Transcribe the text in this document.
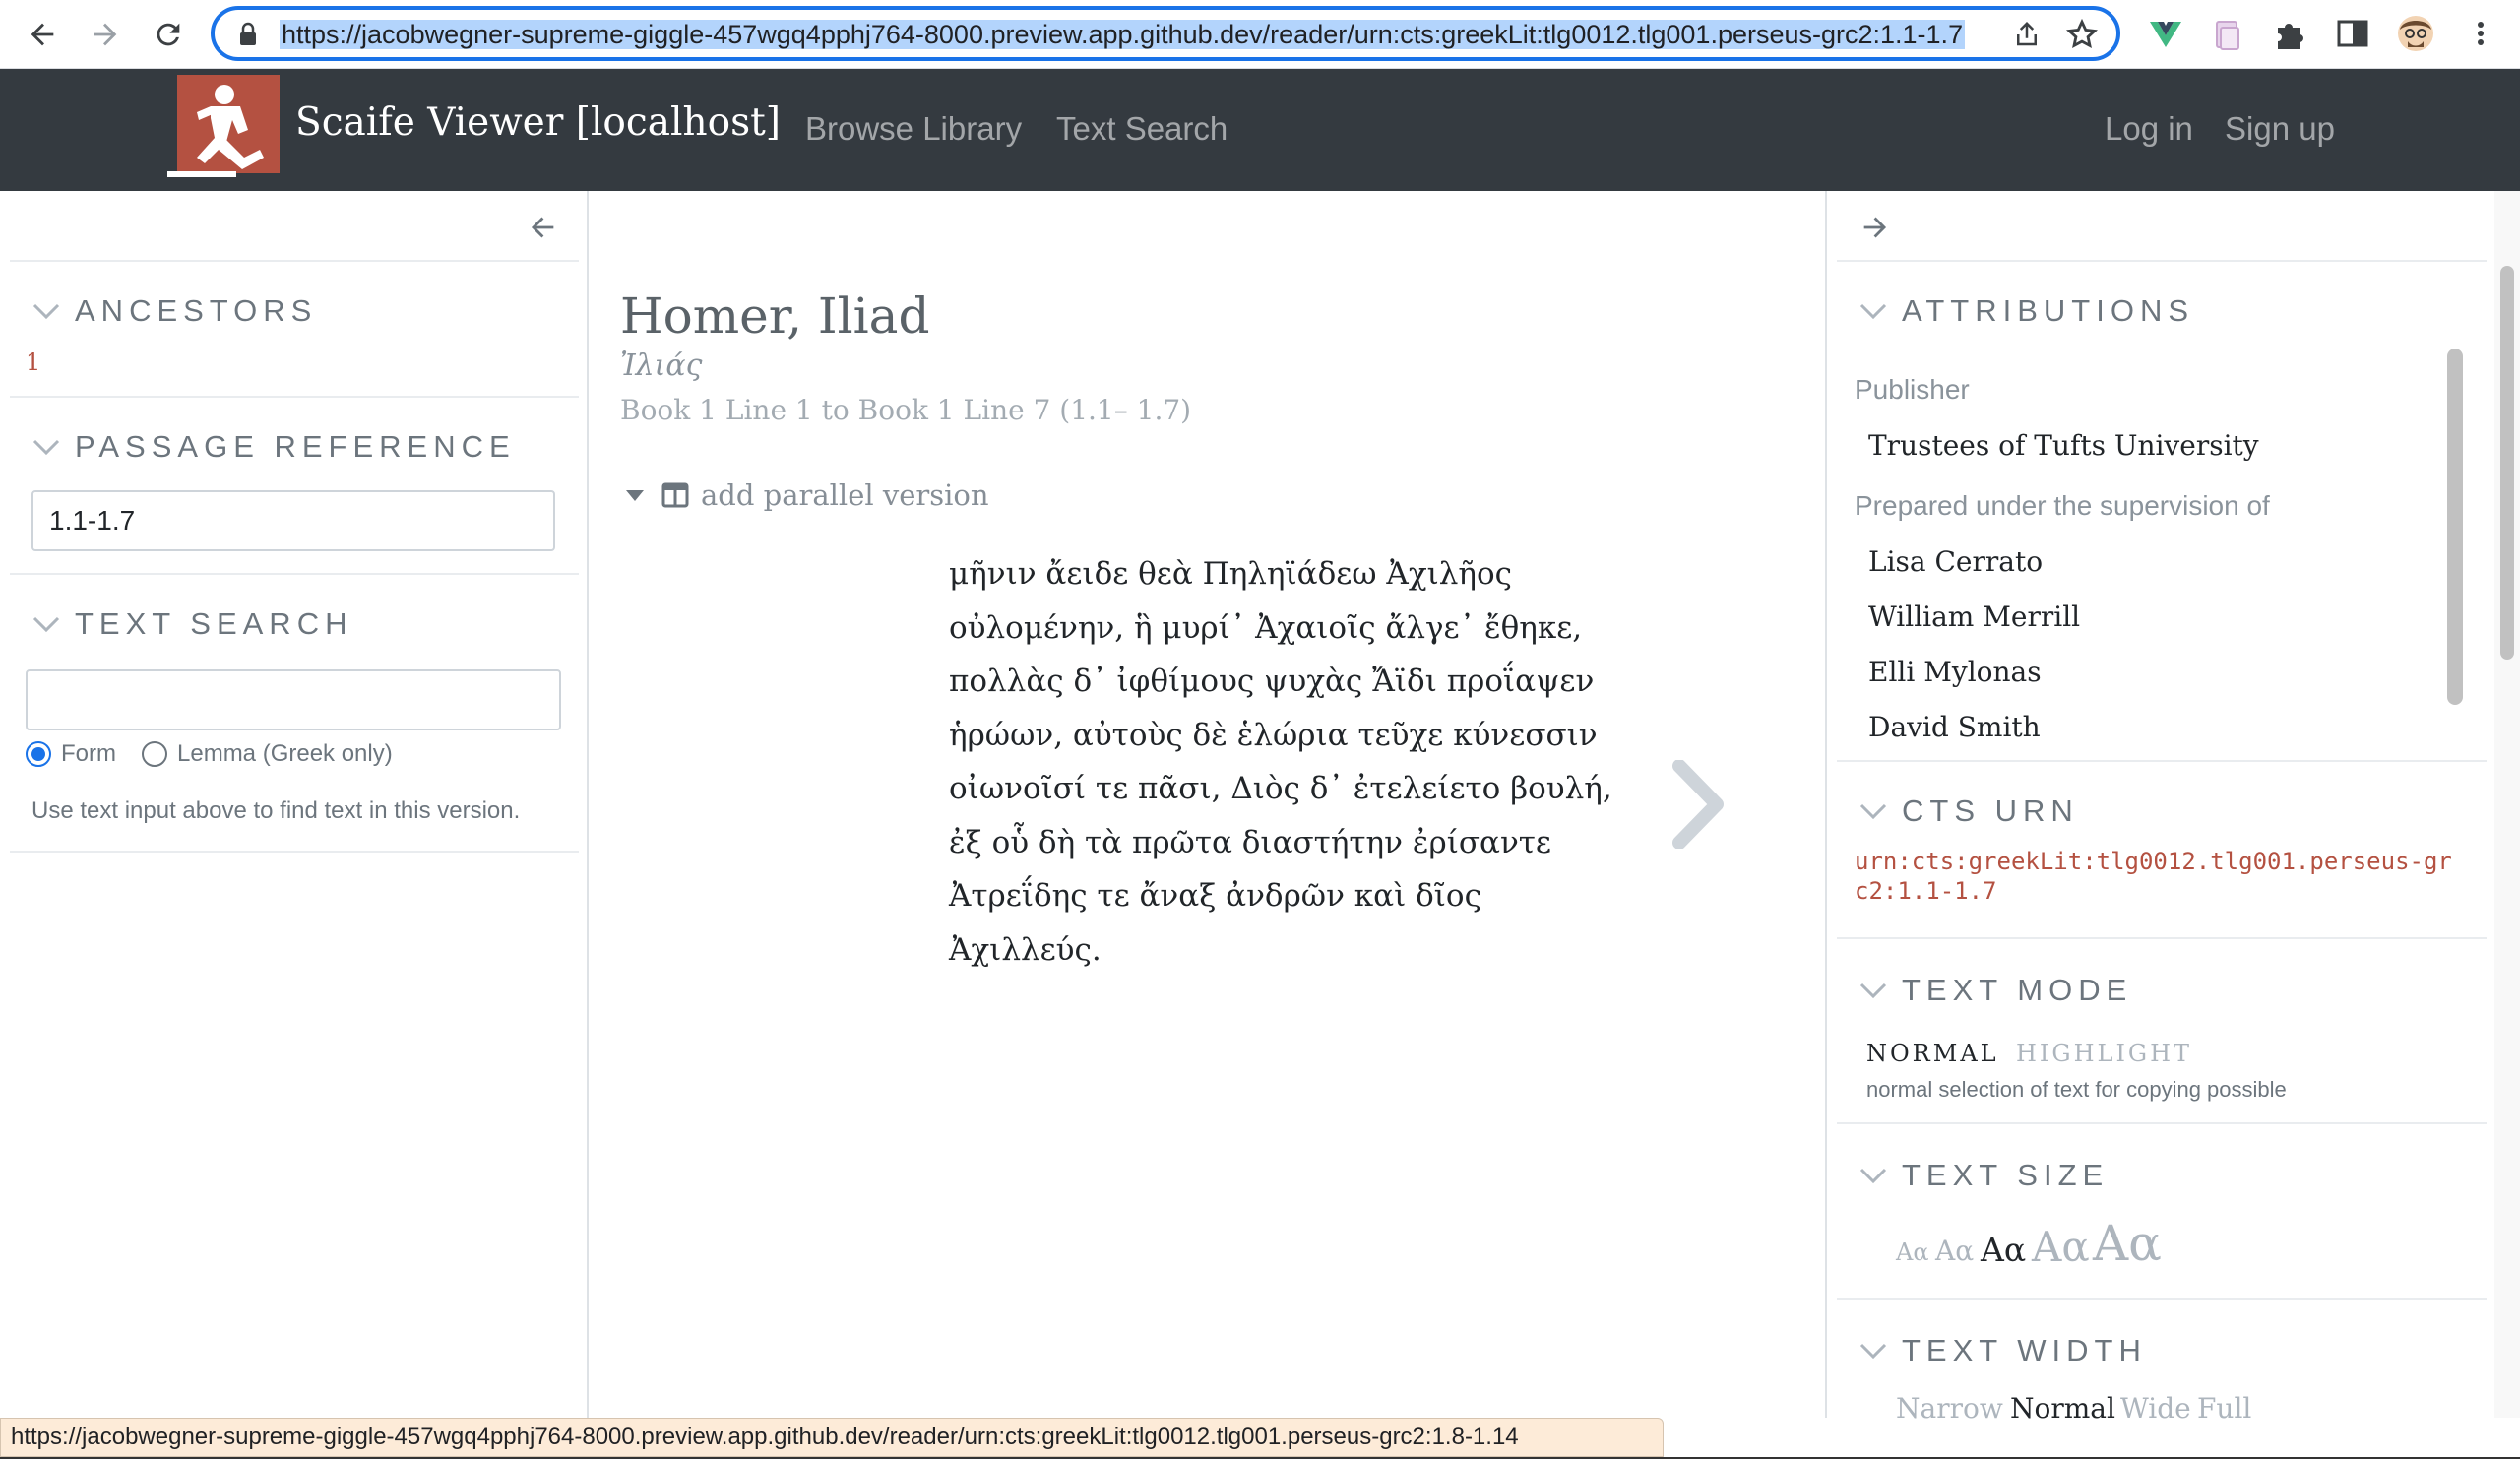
https://jacobwegner-supreme-giggle-457wgq4pphj764-8000.preview.app.github.dev/reader/urn:cts:greekLit:tlg0012.tlg001.perseus-grc2:1.1-1.7
Scaife Viewer [localhost] Browse Library Text Search	Log in Sign up
ANCESTORS
1
PASSAGE REFERENCE
1.1-1.7
TEXT SEARCH
Form	Lemma (Greek only)
Use text input above to find text in this version.
Homer, Iliad
Ἰλιάς
Book 1 Line 1 to Book 1 Line 7 (1.1– 1.7)
add parallel version
μῆνιν ἄειδε θεὰ Πηληϊάδεω Ἀχιλῆος
οὐλομένην, ἣ μυρί᾽ Ἀχαιοῖς ἄλγε᾽ ἔθηκε,
πολλὰς δ᾽ ἰφθίμους ψυχὰς Ἄϊδι προΐαψεν
ἡρώων, αὐτοὺς δὲ ἑλώρια τεῦχε κύνεσσιν
οἰωνοῖσί τε πᾶσι, Διὸς δ᾽ ἐτελείετο βουλή,
ἐξ οὗ δὴ τὰ πρῶτα διαστήτην ἐρίσαντε
Ἀτρεΐδης τε ἄναξ ἀνδρῶν καὶ δῖος
Ἀχιλλεύς.
ATTRIBUTIONS
Publisher
Trustees of Tufts University
Prepared under the supervision of
Lisa Cerrato
William Merrill
Elli Mylonas
David Smith
CTS URN
urn:cts:greekLit:tlg0012.tlg001.perseus-grc2:1.1-1.7
TEXT MODE
NORMAL HIGHLIGHT
normal selection of text for copying possible
TEXT SIZE
Aα Aα Aα Aα Aα
TEXT WIDTH
Narrow Normal Wide Full
https://jacobwegner-supreme-giggle-457wgq4pphj764-8000.preview.app.github.dev/reader/urn:cts:greekLit:tlg0012.tlg001.perseus-grc2:1.8-1.14
